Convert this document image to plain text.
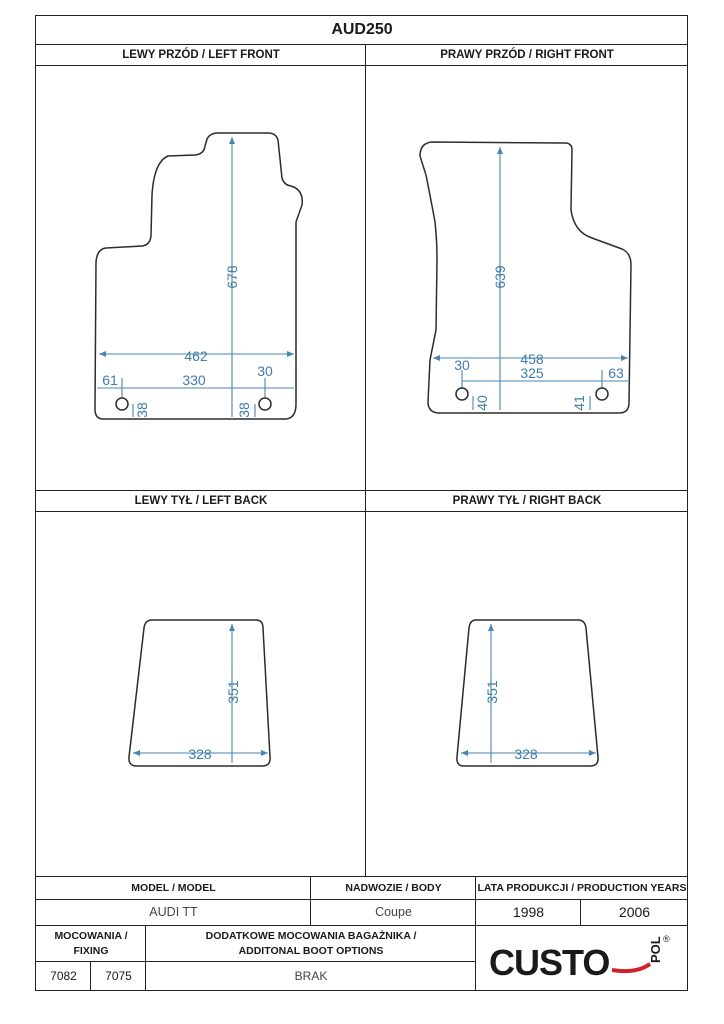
AUD250
LEWY PRZÓD / LEFT FRONT	PRAWY PRZÓD / RIGHT FRONT
LEWY TYŁ / LEFT BACK	PRAWY TYŁ / RIGHT BACK
678
462
330
61
30
38	38
639
458
325
30	63
40	41
351
328
351
328
MODEL / MODEL	NADWOZIE / BODY	LATA PRODUKCJI / PRODUCTION YEARS
AUDI TT	Coupe	1998	2006
MOCOWANIA /
FIXING
DODATKOWE MOCOWANIA BAGAŻNIKA /
ADDITONAL BOOT OPTIONS
7082	7075	BRAK	CUSTO	POL ®
